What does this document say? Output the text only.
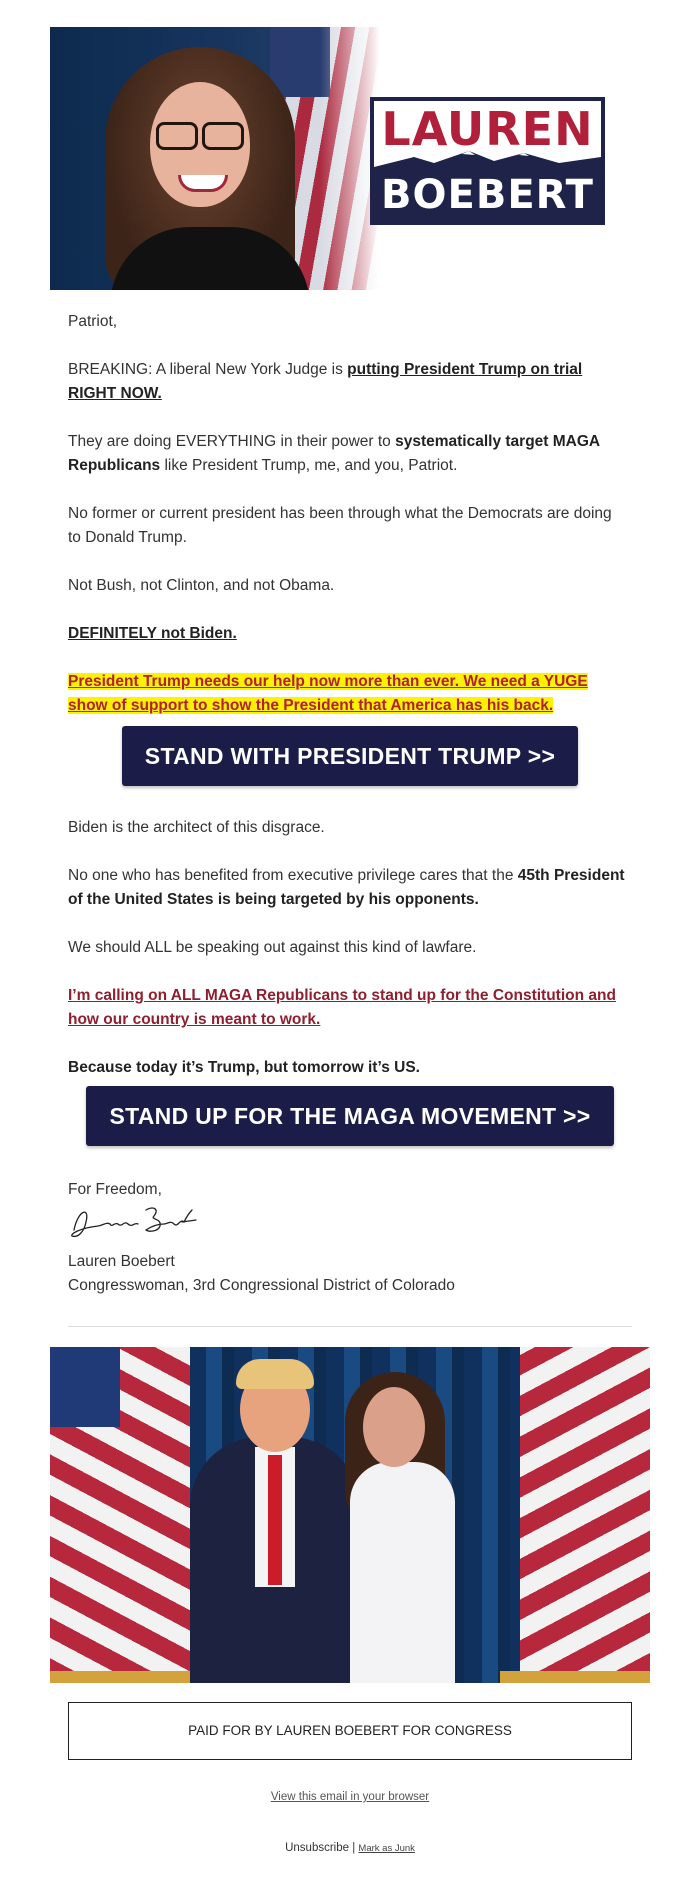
LAUREN
BOEBERT

Patriot,

BREAKING: A liberal New York Judge is putting President Trump on trial RIGHT NOW.

They are doing EVERYTHING in their power to systematically target MAGA Republicans like President Trump, me, and you, Patriot.

No former or current president has been through what the Democrats are doing to Donald Trump.

Not Bush, not Clinton, and not Obama.

DEFINITELY not Biden.

President Trump needs our help now more than ever. We need a YUGE show of support to show the President that America has his back.

Biden is the architect of this disgrace.

No one who has benefited from executive privilege cares that the 45th President of the United States is being targeted by his opponents.

We should ALL be speaking out against this kind of lawfare.

I’m calling on ALL MAGA Republicans to stand up for the Constitution and how our country is meant to work.

Because today it’s Trump, but tomorrow it’s US.

For Freedom,

Lauren Boebert

Congresswoman, 3rd Congressional District of Colorado

STAND WITH PRESIDENT TRUMP >>
STAND UP FOR THE MAGA MOVEMENT >>
PAID FOR BY LAUREN BOEBERT FOR CONGRESS
View this email in your browser
Unsubscribe | Mark as Junk
